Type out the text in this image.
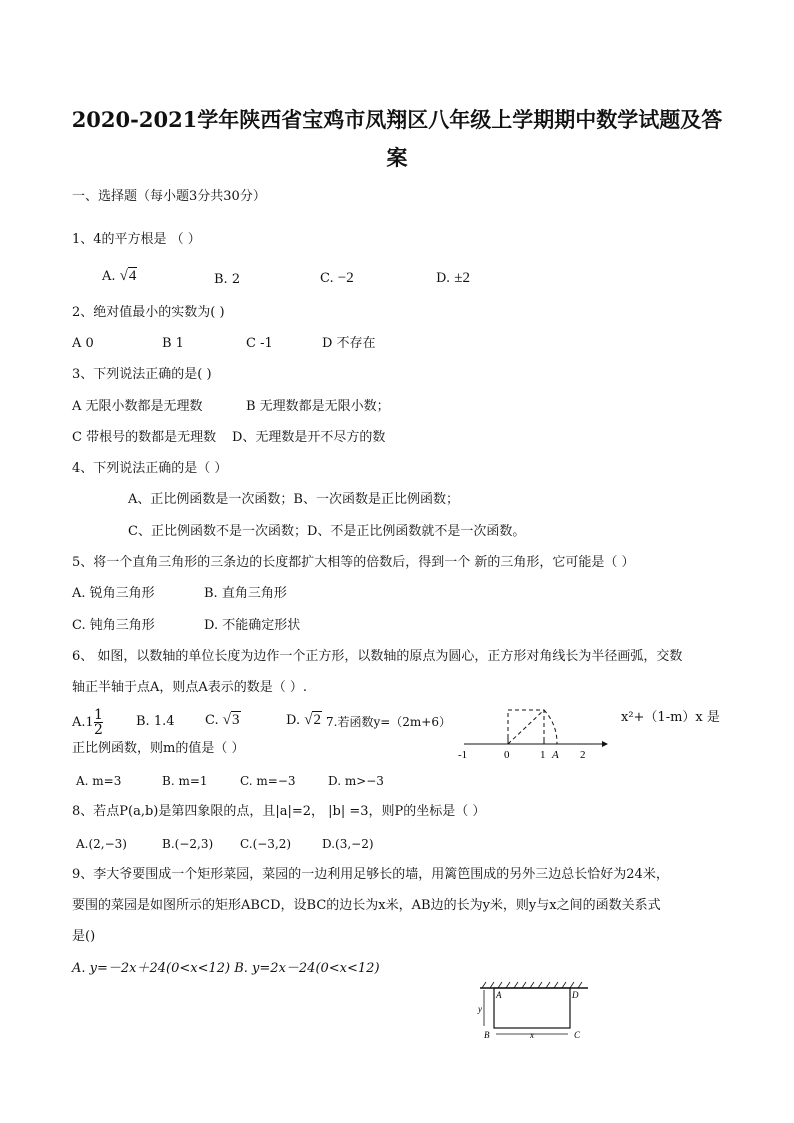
2020-2021学年陕西省宝鸡市凤翔区八年级上学期期中数学试题及答
案
一、选择题（每小题3分共30分）
1、4的平方根是 （ ）
A. √4	B. 2	C. −2	D. ±2
2、绝对值最小的实数为( )
A 0	B 1	C -1	D 不存在
3、下列说法正确的是( )
A 无限小数都是无理数	B 无理数都是无限小数；
C 带根号的数都是无理数 D、无理数是开不尽方的数
4、下列说法正确的是（ ）
A、正比例函数是一次函数；B、一次函数是正比例函数；
C、正比例函数不是一次函数；D、不是正比例函数就不是一次函数。
5、将一个直角三角形的三条边的长度都扩大相等的倍数后，得到一个 新的三角形，它可能是（ ）
A. 锐角三角形	B. 直角三角形
C. 钝角三角形	D. 不能确定形状
6、 如图，以数轴的单位长度为边作一个正方形，以数轴的原点为圆心，正方形对角线长为半径画弧，交数
轴正半轴于点A，则点A表示的数是（ ）.
$A.1 \frac{1}{2}$	B. 1.4 C. √3	D. √2 7.若函数y=（2m+6）
-1	0	1 A 2
x²+（1-m）x 是
正比例函数，则m的值是（ ）
A. m=3	B. m=1	C. m=−3	D. m>−3
8、若点P(a,b)是第四象限的点，且|a|=2， |b| =3，则P的坐标是（ ）
A.(2,−3)	B.(−2,3) C.(−3,2)	D.(3,−2)
9、李大爷要围成一个矩形菜园，菜园的一边利用足够长的墙，用篱笆围成的另外三边总长恰好为24米，
要围的菜园是如图所示的矩形ABCD，设BC的边长为x米，AB边的长为y米，则y与x之间的函数关系式
是()
A. y=－2x＋24(0<x<12) B. y=2x－24(0<x<12)
A	D
B	C
y
x
